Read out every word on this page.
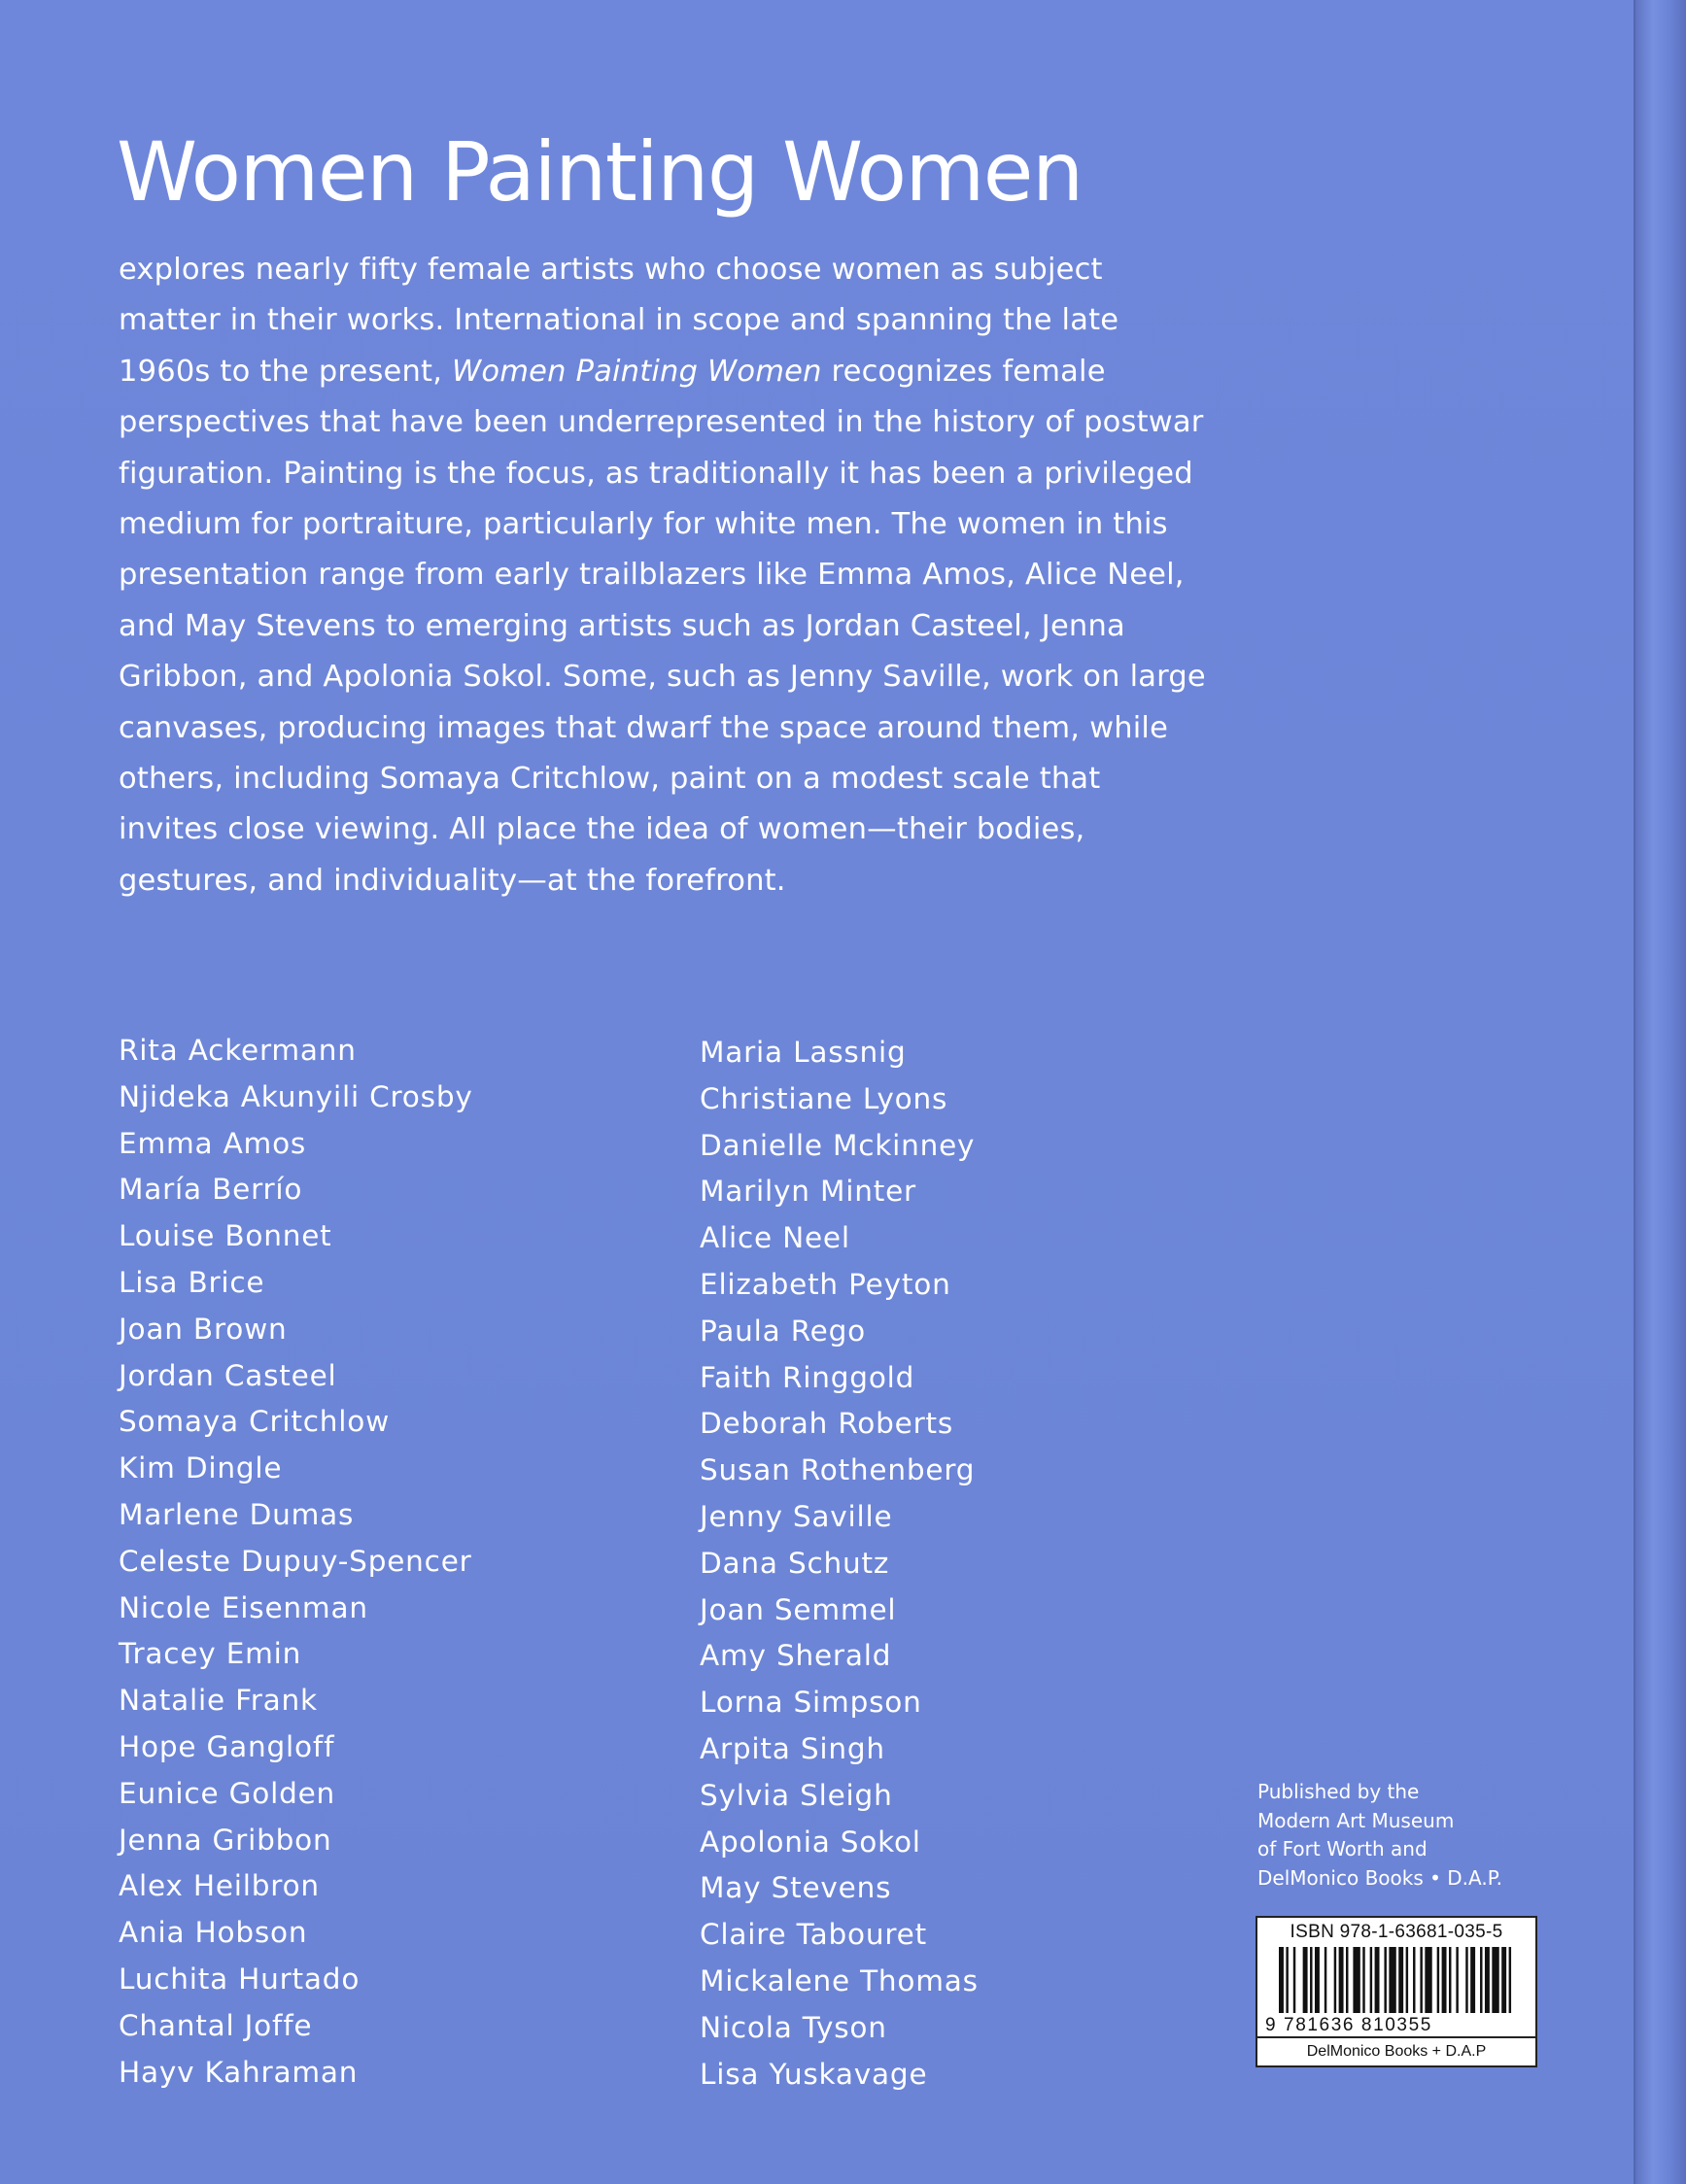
Women Painting Women

explores nearly fifty female artists who choose women as subject matter in their works. International in scope and spanning the late 1960s to the present, Women Painting Women recognizes female perspectives that have been underrepresented in the history of postwar figuration. Painting is the focus, as traditionally it has been a privileged medium for portraiture, particularly for white men. The women in this presentation range from early trailblazers like Emma Amos, Alice Neel, and May Stevens to emerging artists such as Jordan Casteel, Jenna Gribbon, and Apolonia Sokol. Some, such as Jenny Saville, work on large canvases, producing images that dwarf the space around them, while others, including Somaya Critchlow, paint on a modest scale that invites close viewing. All place the idea of women—their bodies, gestures, and individuality—at the forefront.

Rita Ackermann
Njideka Akunyili Crosby
Emma Amos
María Berrío
Louise Bonnet
Lisa Brice
Joan Brown
Jordan Casteel
Somaya Critchlow
Kim Dingle
Marlene Dumas
Celeste Dupuy-Spencer
Nicole Eisenman
Tracey Emin
Natalie Frank
Hope Gangloff
Eunice Golden
Jenna Gribbon
Alex Heilbron
Ania Hobson
Luchita Hurtado
Chantal Joffe
Hayv Kahraman
Maria Lassnig
Christiane Lyons
Danielle Mckinney
Marilyn Minter
Alice Neel
Elizabeth Peyton
Paula Rego
Faith Ringgold
Deborah Roberts
Susan Rothenberg
Jenny Saville
Dana Schutz
Joan Semmel
Amy Sherald
Lorna Simpson
Arpita Singh
Sylvia Sleigh
Apolonia Sokol
May Stevens
Claire Tabouret
Mickalene Thomas
Nicola Tyson
Lisa Yuskavage
Published by the
Modern Art Museum
of Fort Worth and
DelMonico Books • D.A.P.
ISBN 978-1-63681-035-5
9 781636 810355
DelMonico Books + D.A.P
